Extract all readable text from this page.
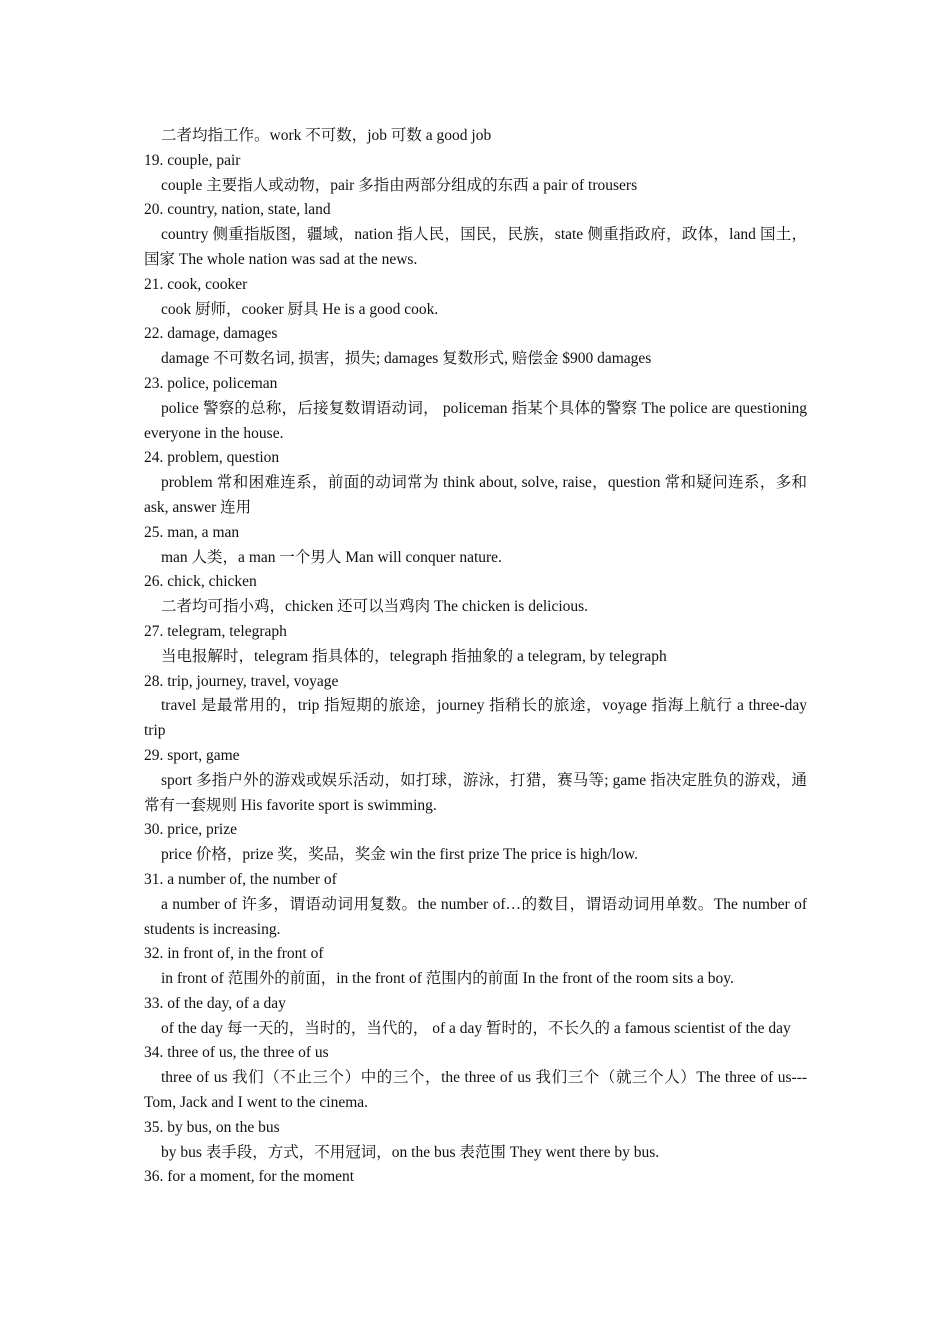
二者均指工作。work 不可数，job 可数 a good job

19. couple, pair

couple 主要指人或动物，pair 多指由两部分组成的东西 a pair of trousers

20. country, nation, state, land

country 侧重指版图，疆域，nation 指人民，国民，民族，state 侧重指政府，政体，land 国土，国家 The whole nation was sad at the news.

21. cook, cooker

cook 厨师，cooker 厨具 He is a good cook.

22. damage, damages

damage 不可数名词, 损害，损失; damages 复数形式, 赔偿金 $900 damages

23. police, policeman

police 警察的总称，后接复数谓语动词， policeman 指某个具体的警察 The police are questioning everyone in the house.

24. problem, question

problem 常和困难连系，前面的动词常为 think about, solve, raise，question 常和疑问连系，多和 ask, answer 连用

25. man, a man

man 人类，a man 一个男人 Man will conquer nature.

26. chick, chicken

二者均可指小鸡，chicken 还可以当鸡肉 The chicken is delicious.

27. telegram, telegraph

当电报解时，telegram 指具体的，telegraph 指抽象的 a telegram, by telegraph

28. trip, journey, travel, voyage

travel 是最常用的，trip 指短期的旅途，journey 指稍长的旅途，voyage 指海上航行 a three-day trip

29. sport, game

sport 多指户外的游戏或娱乐活动，如打球，游泳，打猎，赛马等; game 指决定胜负的游戏，通常有一套规则 His favorite sport is swimming.

30. price, prize

price 价格，prize 奖，奖品，奖金 win the first prize The price is high/low.

31. a number of, the number of

a number of 许多，谓语动词用复数。the number of…的数目，谓语动词用单数。The number of students is increasing.

32. in front of, in the front of

in front of 范围外的前面，in the front of 范围内的前面 In the front of the room sits a boy.

33. of the day, of a day

of the day 每一天的，当时的，当代的， of a day 暂时的，不长久的 a famous scientist of the day

34. three of us, the three of us

three of us 我们（不止三个）中的三个，the three of us 我们三个（就三个人）The three of us---Tom, Jack and I went to the cinema.

35. by bus, on the bus

by bus 表手段，方式，不用冠词，on the bus 表范围 They went there by bus.

36. for a moment, for the moment
